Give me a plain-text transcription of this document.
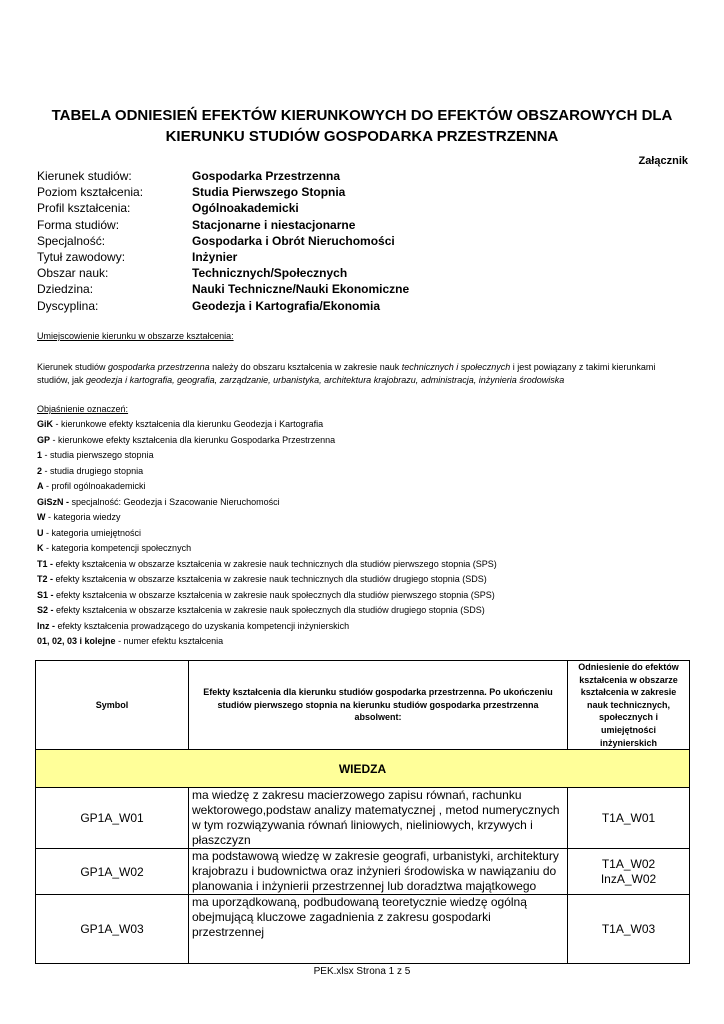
TABELA ODNIESIEŃ EFEKTÓW KIERUNKOWYCH DO EFEKTÓW OBSZAROWYCH DLA
KIERUNKU STUDIÓW GOSPODARKA PRZESTRZENNA
Załącznik
Kierunek studiów:	Gospodarka Przestrzenna
Poziom kształcenia:	Studia Pierwszego Stopnia
Profil kształcenia:	Ogólnoakademicki
Forma studiów:	Stacjonarne i niestacjonarne
Specjalność:	Gospodarka i Obrót Nieruchomości
Tytuł zawodowy:	Inżynier
Obszar nauk:	Technicznych/Społecznych
Dziedzina:	Nauki Techniczne/Nauki Ekonomiczne
Dyscyplina:	Geodezja i Kartografia/Ekonomia
Umiejscowienie kierunku w obszarze kształcenia:
Kierunek studiów gospodarka przestrzenna należy do obszaru kształcenia w zakresie nauk technicznych i społecznych i jest powiązany z takimi kierunkami studiów, jak geodezja i kartografia, geografia, zarządzanie, urbanistyka, architektura krajobrazu, administracja, inżynieria środowiska
Objaśnienie oznaczeń:
GiK - kierunkowe efekty kształcenia dla kierunku Geodezja i Kartografia
GP - kierunkowe efekty kształcenia dla kierunku Gospodarka Przestrzenna
1 - studia pierwszego stopnia
2 - studia drugiego stopnia
A - profil ogólnoakademicki
GiSzN - specjalność: Geodezja i Szacowanie Nieruchomości
W - kategoria wiedzy
U - kategoria umiejętności
K - kategoria kompetencji społecznych
T1 - efekty kształcenia w obszarze kształcenia w zakresie nauk technicznych dla studiów pierwszego stopnia (SPS)
T2 - efekty kształcenia w obszarze kształcenia w zakresie nauk technicznych dla studiów drugiego stopnia (SDS)
S1 - efekty kształcenia w obszarze kształcenia w zakresie nauk społecznych dla studiów pierwszego stopnia (SPS)
S2 - efekty kształcenia w obszarze kształcenia w zakresie nauk społecznych dla studiów drugiego stopnia (SDS)
Inz - efekty kształcenia prowadzącego do uzyskania kompetencji inżynierskich
01, 02, 03 i kolejne - numer efektu kształcenia
Symbol	Efekty kształcenia dla kierunku studiów gospodarka przestrzenna. Po ukończeniu studiów pierwszego stopnia na kierunku studiów gospodarka przestrzenna absolwent:	Odniesienie do efektów kształcenia w obszarze kształcenia w zakresie nauk technicznych, społecznych i umiejętności inżynierskich
WIEDZA		
GP1A_W01	ma wiedzę z zakresu macierzowego zapisu równań, rachunku wektorowego,podstaw analizy matematycznej , metod numerycznych w tym rozwiązywania równań liniowych, nieliniowych, krzywych i płaszczyzn	T1A_W01

GP1A_W02	ma podstawową wiedzę w zakresie geografi, urbanistyki, architektury krajobrazu i budownictwa oraz inżynieri środowiska w nawiązaniu do planowania i inżynierii przestrzennej lub doradztwa majątkowego	T1A_W02
InzA_W02

GP1A_W03	ma uporządkowaną, podbudowaną teoretycznie wiedzę ogólną obejmującą kluczowe zagadnienia z zakresu gospodarki przestrzennej	T1A_W03
PEK.xlsx Strona 1 z 5
